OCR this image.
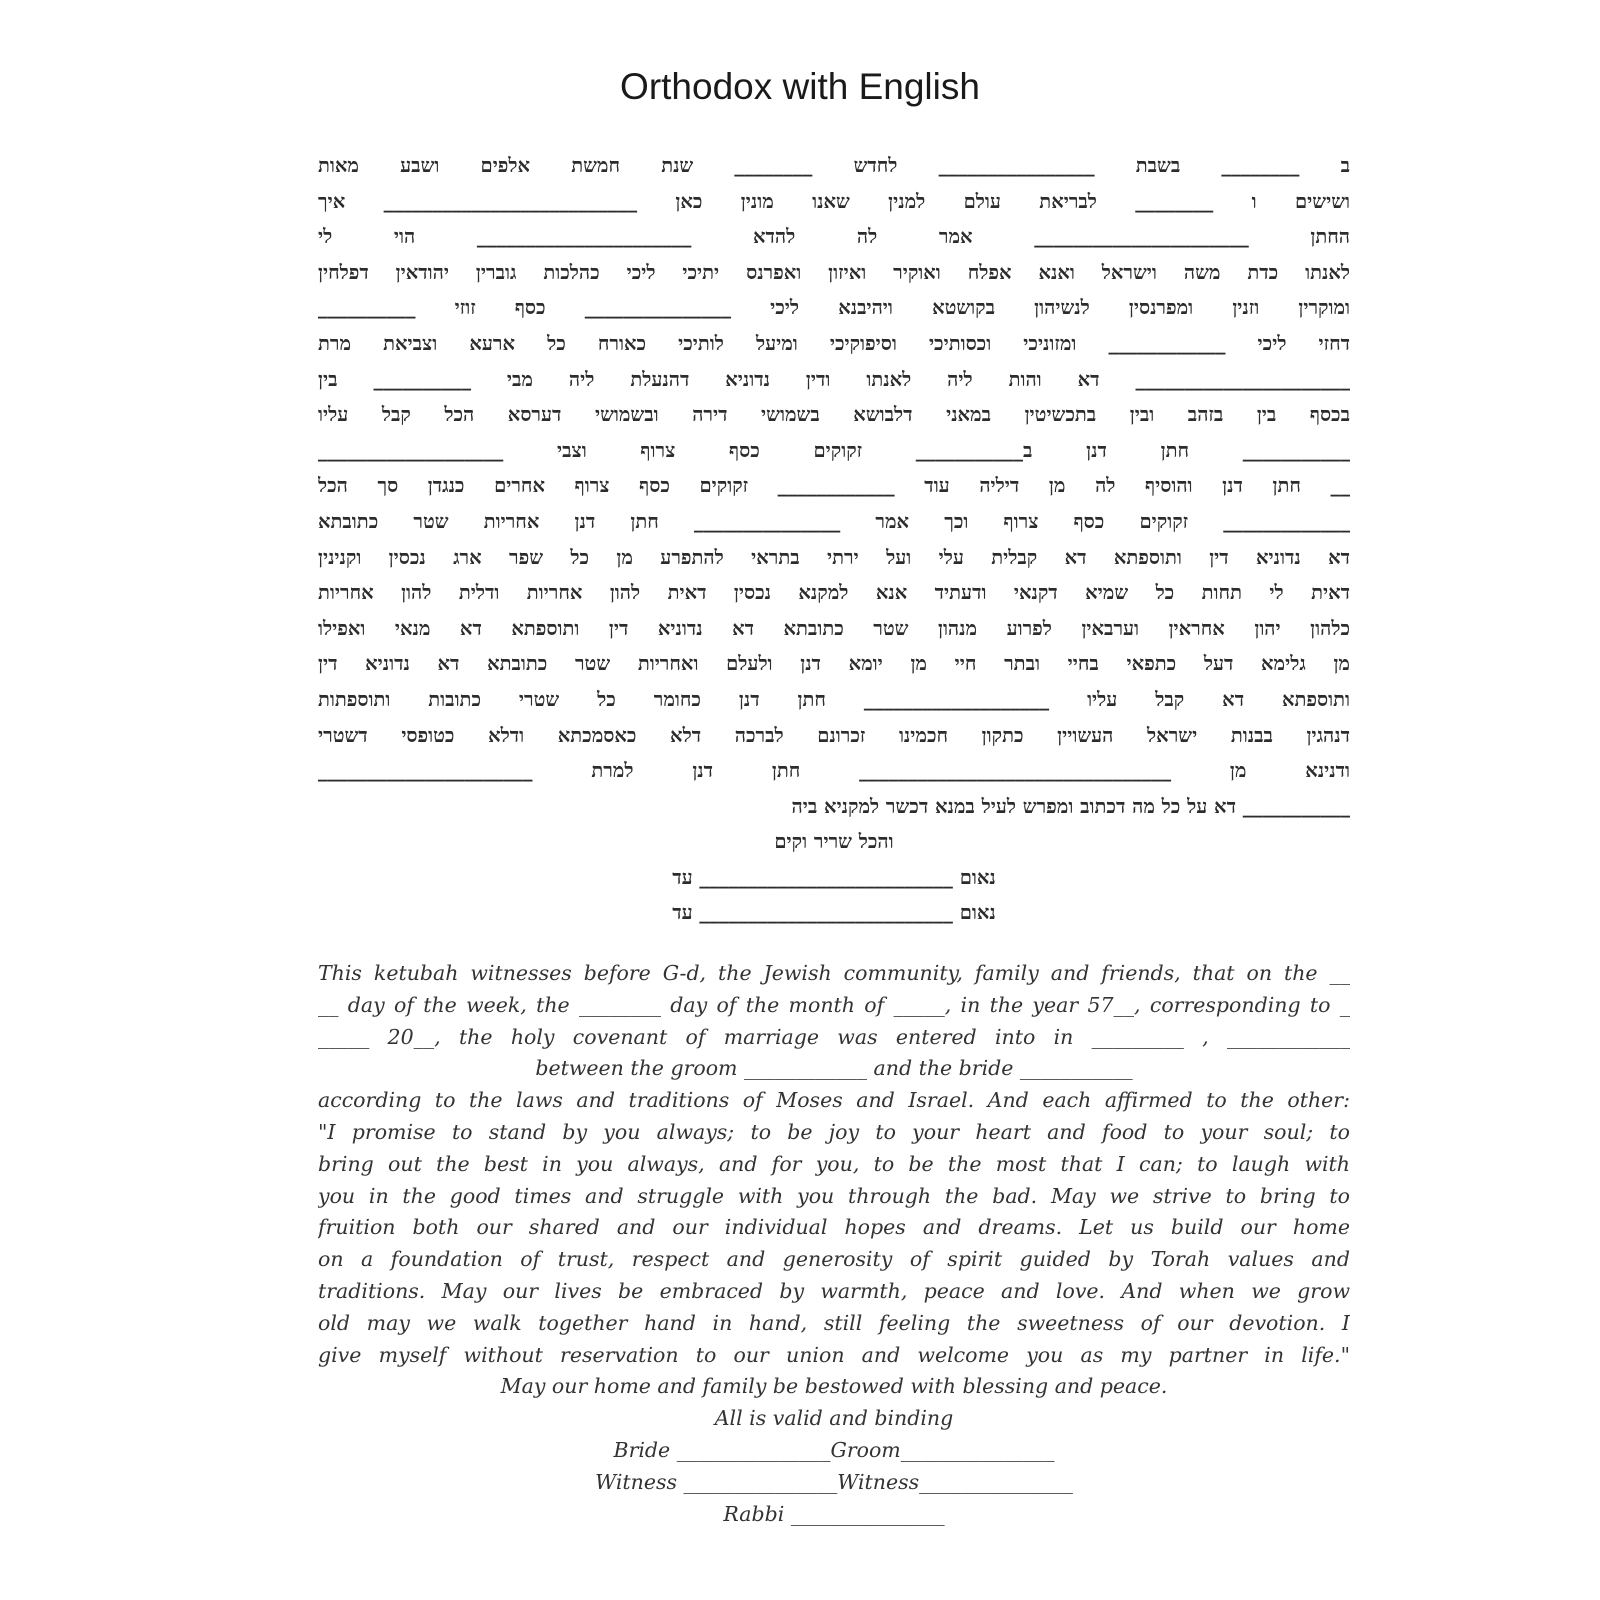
Orthodox with English
ב ________ בשבת ________________ לחדש ________ שנת חמשת אלפים ושבע מאות
ושישים ו ________ לבריאת עולם למנין שאנו מונין כאן __________________________ איך
החתן ______________________ אמר לה להדא ______________________ הוי לי
לאנתו כדת משה וישראל ואנא אפלח ואוקיר ואיזון ואפרנס יתיכי ליכי כהלכות גוברין יהודאין דפלחין
ומוקרין וזנין ומפרנסין לנשיהון בקושטא ויהיבנא ליכי _______________ כסף זוזי __________
דחזי ליכי ____________ ומזוניכי וכסותיכי וסיפוקיכי ומיעל לותיכי כאורח כל ארעא וצביאת מרת
______________________ דא והות ליה לאנתו ודין נדוניא דהנעלת ליה מבי __________ בין
בכסף בין בזהב ובין בתכשיטין במאני דלבושא בשמושי דירה ובשמושי דערסא הכל קבל עליו
___________ חתן דנן ב___________ זקוקים כסף צרוף וצבי ___________________
__ חתן דנן והוסיף לה מן דיליה עוד ____________ זקוקים כסף צרוף אחרים כנגדן סך הכל
_____________ זקוקים כסף צרוף וכך אמר _______________ חתן דנן אחריות שטר כתובתא
דא נדוניא דין ותוספתא דא קבלית עלי ועל ירתי בתראי להתפרע מן כל שפר ארג נכסין וקנינין
דאית לי תחות כל שמיא דקנאי ודעתיד אנא למקנא נכסין דאית להון אחריות ודלית להון אחריות
כלהון יהון אחראין וערבאין לפרוע מנהון שטר כתובתא דא נדוניא דין ותוספתא דא מנאי ואפילו
מן גלימא דעל כתפאי בחיי ובתר חיי מן יומא דנן ולעלם ואחריות שטר כתובתא דא נדוניא דין
ותוספתא דא קבל עליו ___________________ חתן דנן כחומר כל שטרי כתובות ותוספתות
דנהגין בבנות ישראל העשויין כתקון חכמינו זכרונם לברכה דלא כאסמכתא ודלא כטופסי דשטרי
ודנינא מן ________________________________ חתן דנן למרת ______________________
___________ דא על כל מה דכתוב ומפרש לעיל במנא דכשר למקניא ביה
והכל שריר וקים
נאום __________________________ עד
נאום __________________________ עד
This ketubah witnesses before G-d, the Jewish community, family and friends, that on the __
__ day of the week, the ________ day of the month of _____, in the year 57__, corresponding to _
_____ 20__, the holy covenant of marriage was entered into in _________ , ____________
between the groom ____________ and the bride ___________
according to the laws and traditions of Moses and Israel. And each affirmed to the other:
"I promise to stand by you always; to be joy to your heart and food to your soul; to
bring out the best in you always, and for you, to be the most that I can; to laugh with
you in the good times and struggle with you through the bad. May we strive to bring to
fruition both our shared and our individual hopes and dreams. Let us build our home
on a foundation of trust, respect and generosity of spirit guided by Torah values and
traditions. May our lives be embraced by warmth, peace and love. And when we grow
old may we walk together hand in hand, still feeling the sweetness of our devotion. I
give myself without reservation to our union and welcome you as my partner in life."
May our home and family be bestowed with blessing and peace.
All is valid and binding
Bride _______________Groom_______________
Witness _______________Witness_______________
Rabbi _______________
